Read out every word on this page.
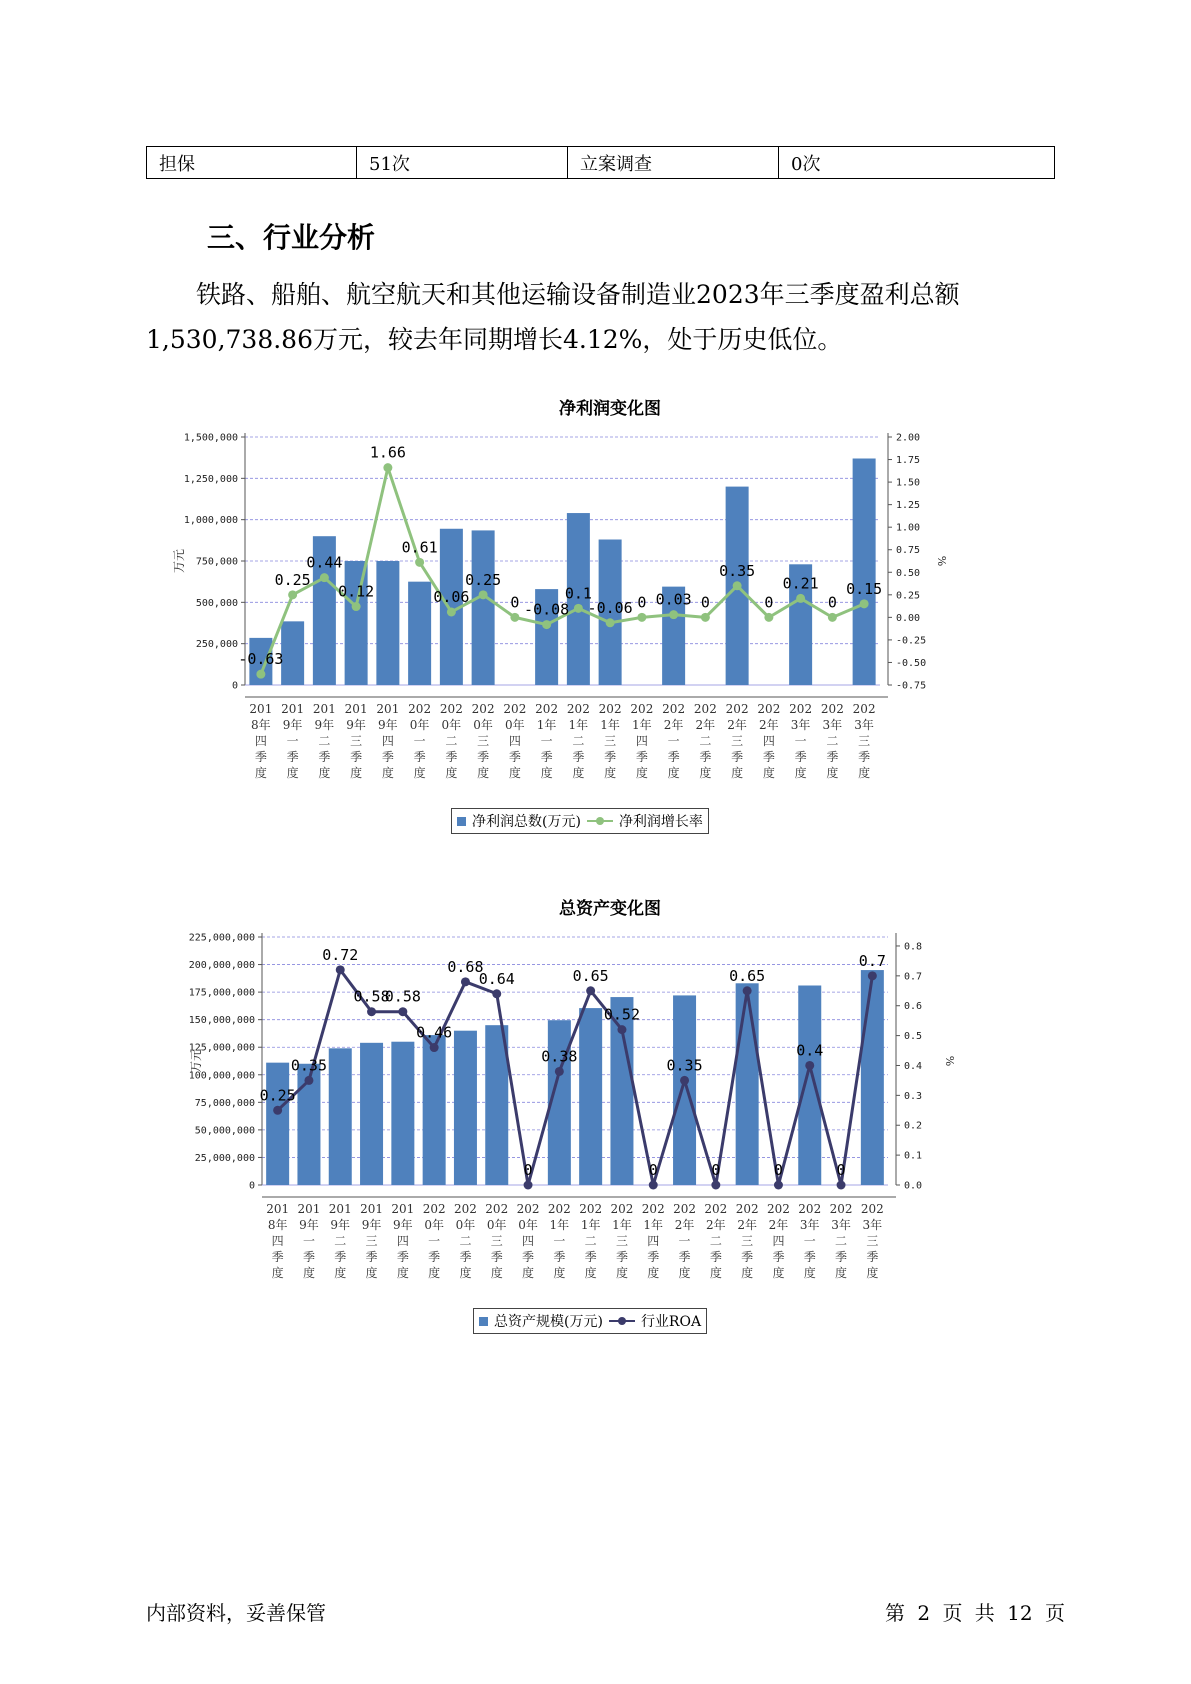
担保	51次	立案调查	0次
三、行业分析

铁路、船舶、航空航天和其他运输设备制造业2023年三季度盈利总额1,530,738.86万元，较去年同期增长4.12%，处于历史低位。

净利润变化图
0
250,000
500,000
750,000
1,000,000
1,250,000
1,500,000
-0.75
-0.50
-0.25
0.00
0.25
0.50
0.75
1.00
1.25
1.50
1.75
2.00
万元	%
201 8年四季度
201 9年一季度
201 9年二季度
201 9年三季度
201 9年四季度
202 0年一季度
202 0年二季度
202 0年三季度
202 0年四季度
202 1年一季度
202 1年二季度
202 1年三季度
202 1年四季度
202 2年一季度
202 2年二季度
202 2年三季度
202 2年四季度
202 3年一季度
202 3年二季度
202 3年三季度
-0.63
0.25
0.44
0.12
1.66
0.61
0.06
0.25
0 -0.08
0.1
-0.06 0 0.03 0
0.35
0
0.21
0
0.15
净利润总数(万元)	净利润增长率
总资产变化图
0
25,000,000
50,000,000
75,000,000
100,000,000
125,000,000
150,000,000
175,000,000
200,000,000
225,000,000
0.0
0.1
0.2
0.3
0.4
0.5
0.6
0.7
0.8
万元	%
201 8年四季度
201 9年一季度
201 9年二季度
201 9年三季度
201 9年四季度
202 0年一季度
202 0年二季度
202 0年三季度
202 0年四季度
202 1年一季度
202 1年二季度
202 1年三季度
202 1年四季度
202 2年一季度
202 2年二季度
202 2年三季度
202 2年四季度
202 3年一季度
202 3年二季度
202 3年三季度
0.25
0.35
0.72
0.58
0.58
0.46
0.68
0.64
0
0.38
0.65
0.52
0
0.35
0
0.65
0
0.4
0
0.7
总资产规模(万元)	行业ROA
内部资料，妥善保管	第 2 页 共 12 页
